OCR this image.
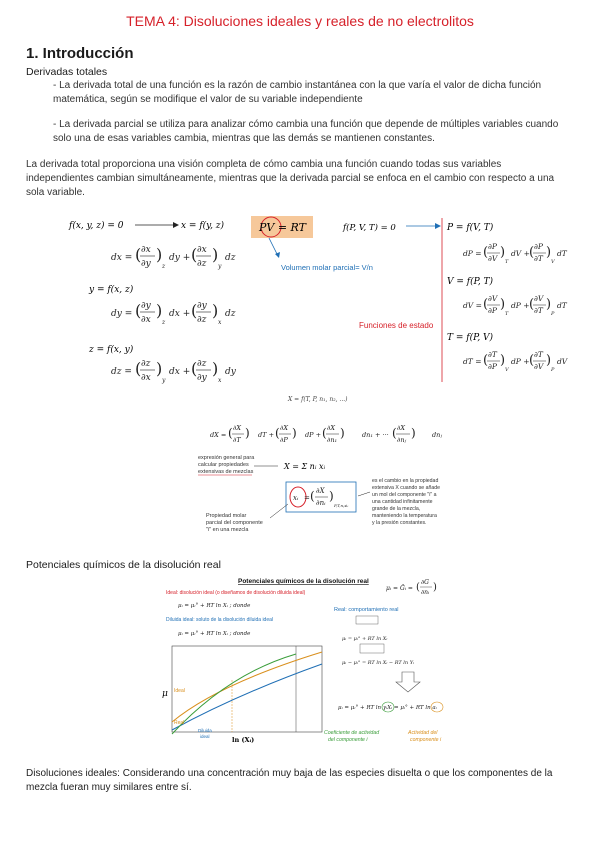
TEMA 4: Disoluciones ideales y reales de no electrolitos
1. Introducción
Derivadas totales
- La derivada total de una función es la razón de cambio instantánea con la que varía el valor de dicha función
matemática, según se modifique el valor de su variable independiente
- La derivada parcial se utiliza para analizar cómo cambia una función que depende de múltiples variables cuando
solo una de esas variables cambia, mientras que las demás se mantienen constantes.
La derivada total proporciona una visión completa de cómo cambia una función cuando todas sus variables
independientes cambian simultáneamente, mientras que la derivada parcial se enfoca en el cambio con respecto a una
sola variable.
f(x, y, z) = 0	x = f(y, z)
dx = ( ∂x
∂y )
z
dy + ( ∂x
∂z )
y
dz
y = f(x, z)
dy = ( ∂y
∂x )
z
dx + ( ∂y
∂z )
x
dz
z = f(x, y)
dz = ( ∂z
∂x )
y
dx + ( ∂z
∂y )
x
dy
PV = RT
Volumen molar parcial= V/n
f(P, V, T) = 0
Funciones de estado
P = f(V, T)
dP = ( ∂P
∂V )
T
dV + ( ∂P
∂T )
V
dT
V = f(P, T)
dV = ( ∂V
∂P )
T
dP + ( ∂V
∂T )
P
dT
T = f(P, V)
dT = ( ∂T
∂P )
V
dP + ( ∂T
∂V )
P
dV
X = f(T, P, n₁, n₂, ...)
dX = ( ∂X
∂T ) dT + ( ∂X
∂P ) dP + ( ∂X
∂n₁ )	dn₁ + ··· ( ∂X
∂nⱼ )	dnⱼ
expresión general para
calcular propiedades
extensivas de mezclas
X = Σ nᵢ xᵢ
xᵢ = ( ∂X
∂nᵢ )
P,T,nⱼ≠ᵢ
es el cambio en la propiedad
extensiva X cuando se añade
un mol del componente "i" a
una cantidad infinitamente
grande de la mezcla,
manteniendo la temperatura
y la presión constantes.
Propiedad molar
parcial del componente
"i" en una mezcla
Potenciales químicos de la disolución real
Potenciales químicos de la disolución real
μᵢ = Ḡᵢ = ( ∂G
∂nᵢ )
Ideal: disolución ideal (o diseñamos de disolución diluida ideal)
μᵢ = μᵢ° + RT ln Xᵢ ; donde
Diluida ideal: soluto de la disolución diluida ideal
μᵢ = μᵢ° + RT ln Xᵢ ; donde
Real: comportamiento real
μᵢ = μᵢ° + RT ln Xᵢ
μᵢ − μᵢ° = RT ln Xᵢ − RT ln Yᵢ
μ
ln (Xᵢ)
Ideal
Real
Diluida
ideal
Coeficiente de actividad
del componente i
Actividad del
componente i
μᵢ = μᵢ° + RT ln γᵢXᵢ = μᵢ° + RT ln aᵢ
Disoluciones ideales: Considerando una concentración muy baja de las especies disuelta o que los componentes de la
mezcla fueran muy similares entre sí.
